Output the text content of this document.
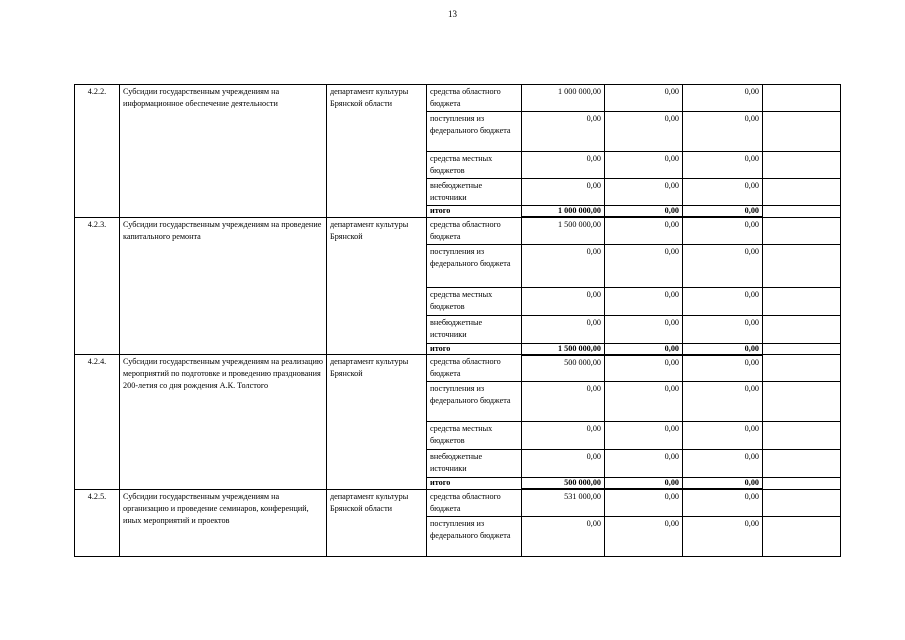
13
4.2.2.	Субсидии государственным учреждениям на информационное обеспечение деятельности	департамент культуры Брянской области	средства областного бюджета	1 000 000,00	0,00	0,00	
			поступления из федерального бюджета	0,00	0,00	0,00	
			средства местных бюджетов	0,00	0,00	0,00	
			внебюджетные источники	0,00	0,00	0,00	
			итого	1 000 000,00	0,00	0,00	
4.2.3.	Субсидии государственным учреждениям на проведение капитального ремонта	департамент культуры Брянской	средства областного бюджета	1 500 000,00	0,00	0,00	
			поступления из федерального бюджета	0,00	0,00	0,00	
			средства местных бюджетов	0,00	0,00	0,00	
			внебюджетные источники	0,00	0,00	0,00	
			итого	1 500 000,00	0,00	0,00	
4.2.4.	Субсидии государственным учреждениям на реализацию мероприятий по подготовке и проведению празднования 200-летия со дня рождения А.К. Толстого	департамент культуры Брянской	средства областного бюджета	500 000,00	0,00	0,00	
			поступления из федерального бюджета	0,00	0,00	0,00	
			средства местных бюджетов	0,00	0,00	0,00	
			внебюджетные источники	0,00	0,00	0,00	
			итого	500 000,00	0,00	0,00	
4.2.5.	Субсидии государственным учреждениям на организацию и проведение семинаров, конференций, иных мероприятий и проектов	департамент культуры Брянской области	средства областного бюджета	531 000,00	0,00	0,00	
			поступления из федерального бюджета	0,00	0,00	0,00	
